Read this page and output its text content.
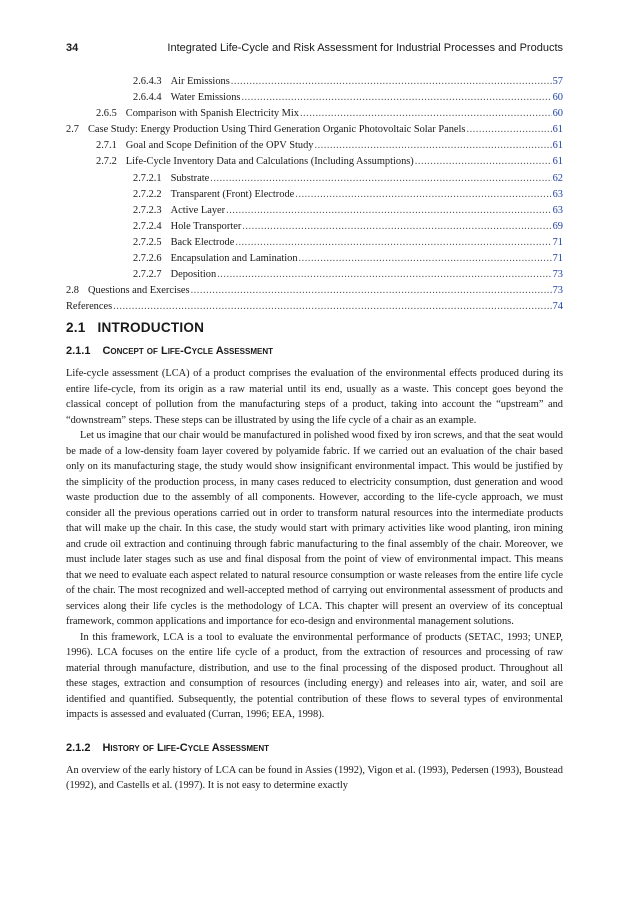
34	Integrated Life-Cycle and Risk Assessment for Industrial Processes and Products
2.6.4.3 Air Emissions .....	57
2.6.4.4 Water Emissions .....	60
2.6.5 Comparison with Spanish Electricity Mix .....	60
2.7 Case Study: Energy Production Using Third Generation Organic Photovoltaic Solar Panels .....	61
2.7.1 Goal and Scope Definition of the OPV Study .....	61
2.7.2 Life-Cycle Inventory Data and Calculations (Including Assumptions) .....	61
2.7.2.1 Substrate .....	62
2.7.2.2 Transparent (Front) Electrode .....	63
2.7.2.3 Active Layer .....	63
2.7.2.4 Hole Transporter .....	69
2.7.2.5 Back Electrode .....	71
2.7.2.6 Encapsulation and Lamination .....	71
2.7.2.7 Deposition .....	73
2.8 Questions and Exercises .....	73
References .....	74
2.1 INTRODUCTION
2.1.1 Concept of Life-Cycle Assessment

Life-cycle assessment (LCA) of a product comprises the evaluation of the environmental effects produced during its entire life-cycle, from its origin as a raw material until its end, usually as a waste. This concept goes beyond the classical concept of pollution from the manufacturing steps of a product, taking into account the “upstream” and “downstream” steps. These steps can be illustrated by using the life cycle of a chair as an example.

Let us imagine that our chair would be manufactured in polished wood fixed by iron screws, and that the seat would be made of a low-density foam layer covered by polyamide fabric. If we carried out an evaluation of the chair based only on its manufacturing stage, the study would show insignificant environmental impact. This would be justified by the simplicity of the production process, in many cases reduced to electricity consumption, dust generation and wood waste production due to the assembly of all components. However, according to the life-cycle approach, we must consider all the previous operations carried out in order to transform natural resources into the intermediate products that will make up the chair. In this case, the study would start with primary activities like wood planting, iron mining and crude oil extraction and continuing through fabric manufacturing to the final assembly of the chair. Moreover, we must include later stages such as use and final disposal from the point of view of environmental impact. This means that we need to evaluate each aspect related to natural resource consumption or waste releases from the entire life cycle of the chair. The most recognized and well-accepted method of carrying out environmental assessment of products and services along their life cycles is the methodology of LCA. This chapter will present an overview of its conceptual framework, common applications and importance for eco-design and environmental management solutions.

In this framework, LCA is a tool to evaluate the environmental performance of products (SETAC, 1993; UNEP, 1996). LCA focuses on the entire life cycle of a product, from the extraction of resources and processing of raw material through manufacture, distribution, and use to the final processing of the disposed product. Throughout all these stages, extraction and consumption of resources (including energy) and releases into air, water, and soil are identified and quantified. Subsequently, the potential contribution of these flows to several types of environmental impacts is assessed and evaluated (Curran, 1996; EEA, 1998).

2.1.2 History of Life-Cycle Assessment

An overview of the early history of LCA can be found in Assies (1992), Vigon et al. (1993), Pedersen (1993), Boustead (1992), and Castells et al. (1997). It is not easy to determine exactly
